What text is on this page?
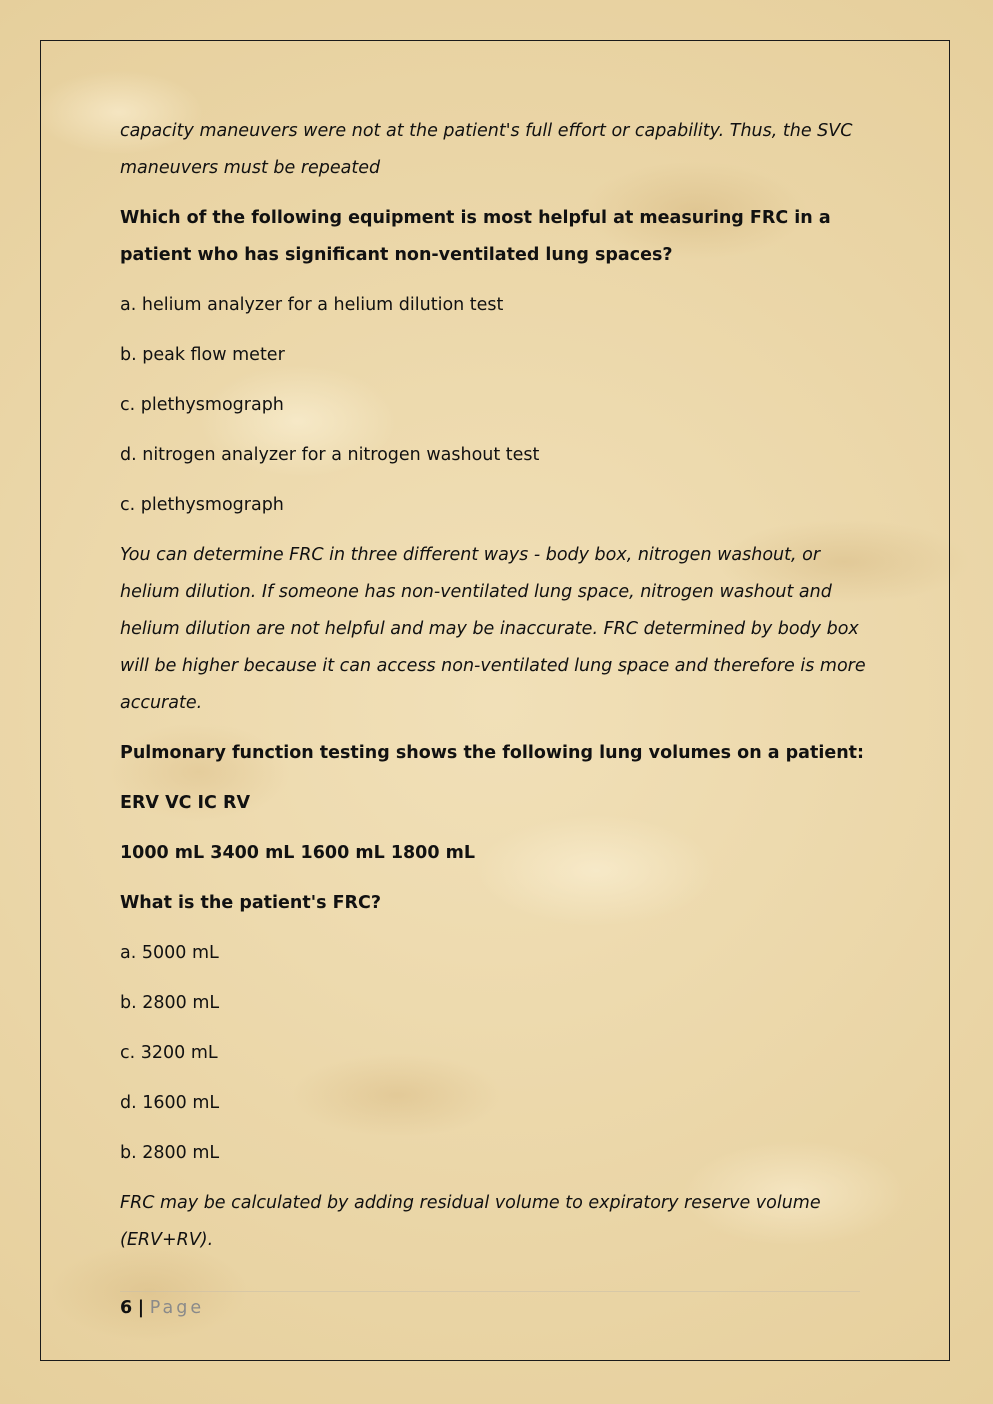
capacity maneuvers were not at the patient's full effort or capability. Thus, the SVC maneuvers must be repeated

Which of the following equipment is most helpful at measuring FRC in a patient who has significant non-ventilated lung spaces?

a. helium analyzer for a helium dilution test

b. peak flow meter

c. plethysmograph

d. nitrogen analyzer for a nitrogen washout test

c. plethysmograph

You can determine FRC in three different ways - body box, nitrogen washout, or helium dilution. If someone has non-ventilated lung space, nitrogen washout and helium dilution are not helpful and may be inaccurate. FRC determined by body box will be higher because it can access non-ventilated lung space and therefore is more accurate.

Pulmonary function testing shows the following lung volumes on a patient:

ERV VC IC RV

1000 mL 3400 mL 1600 mL 1800 mL

What is the patient's FRC?

a. 5000 mL

b. 2800 mL

c. 3200 mL

d. 1600 mL

b. 2800 mL

FRC may be calculated by adding residual volume to expiratory reserve volume (ERV+RV).

6 | Page
